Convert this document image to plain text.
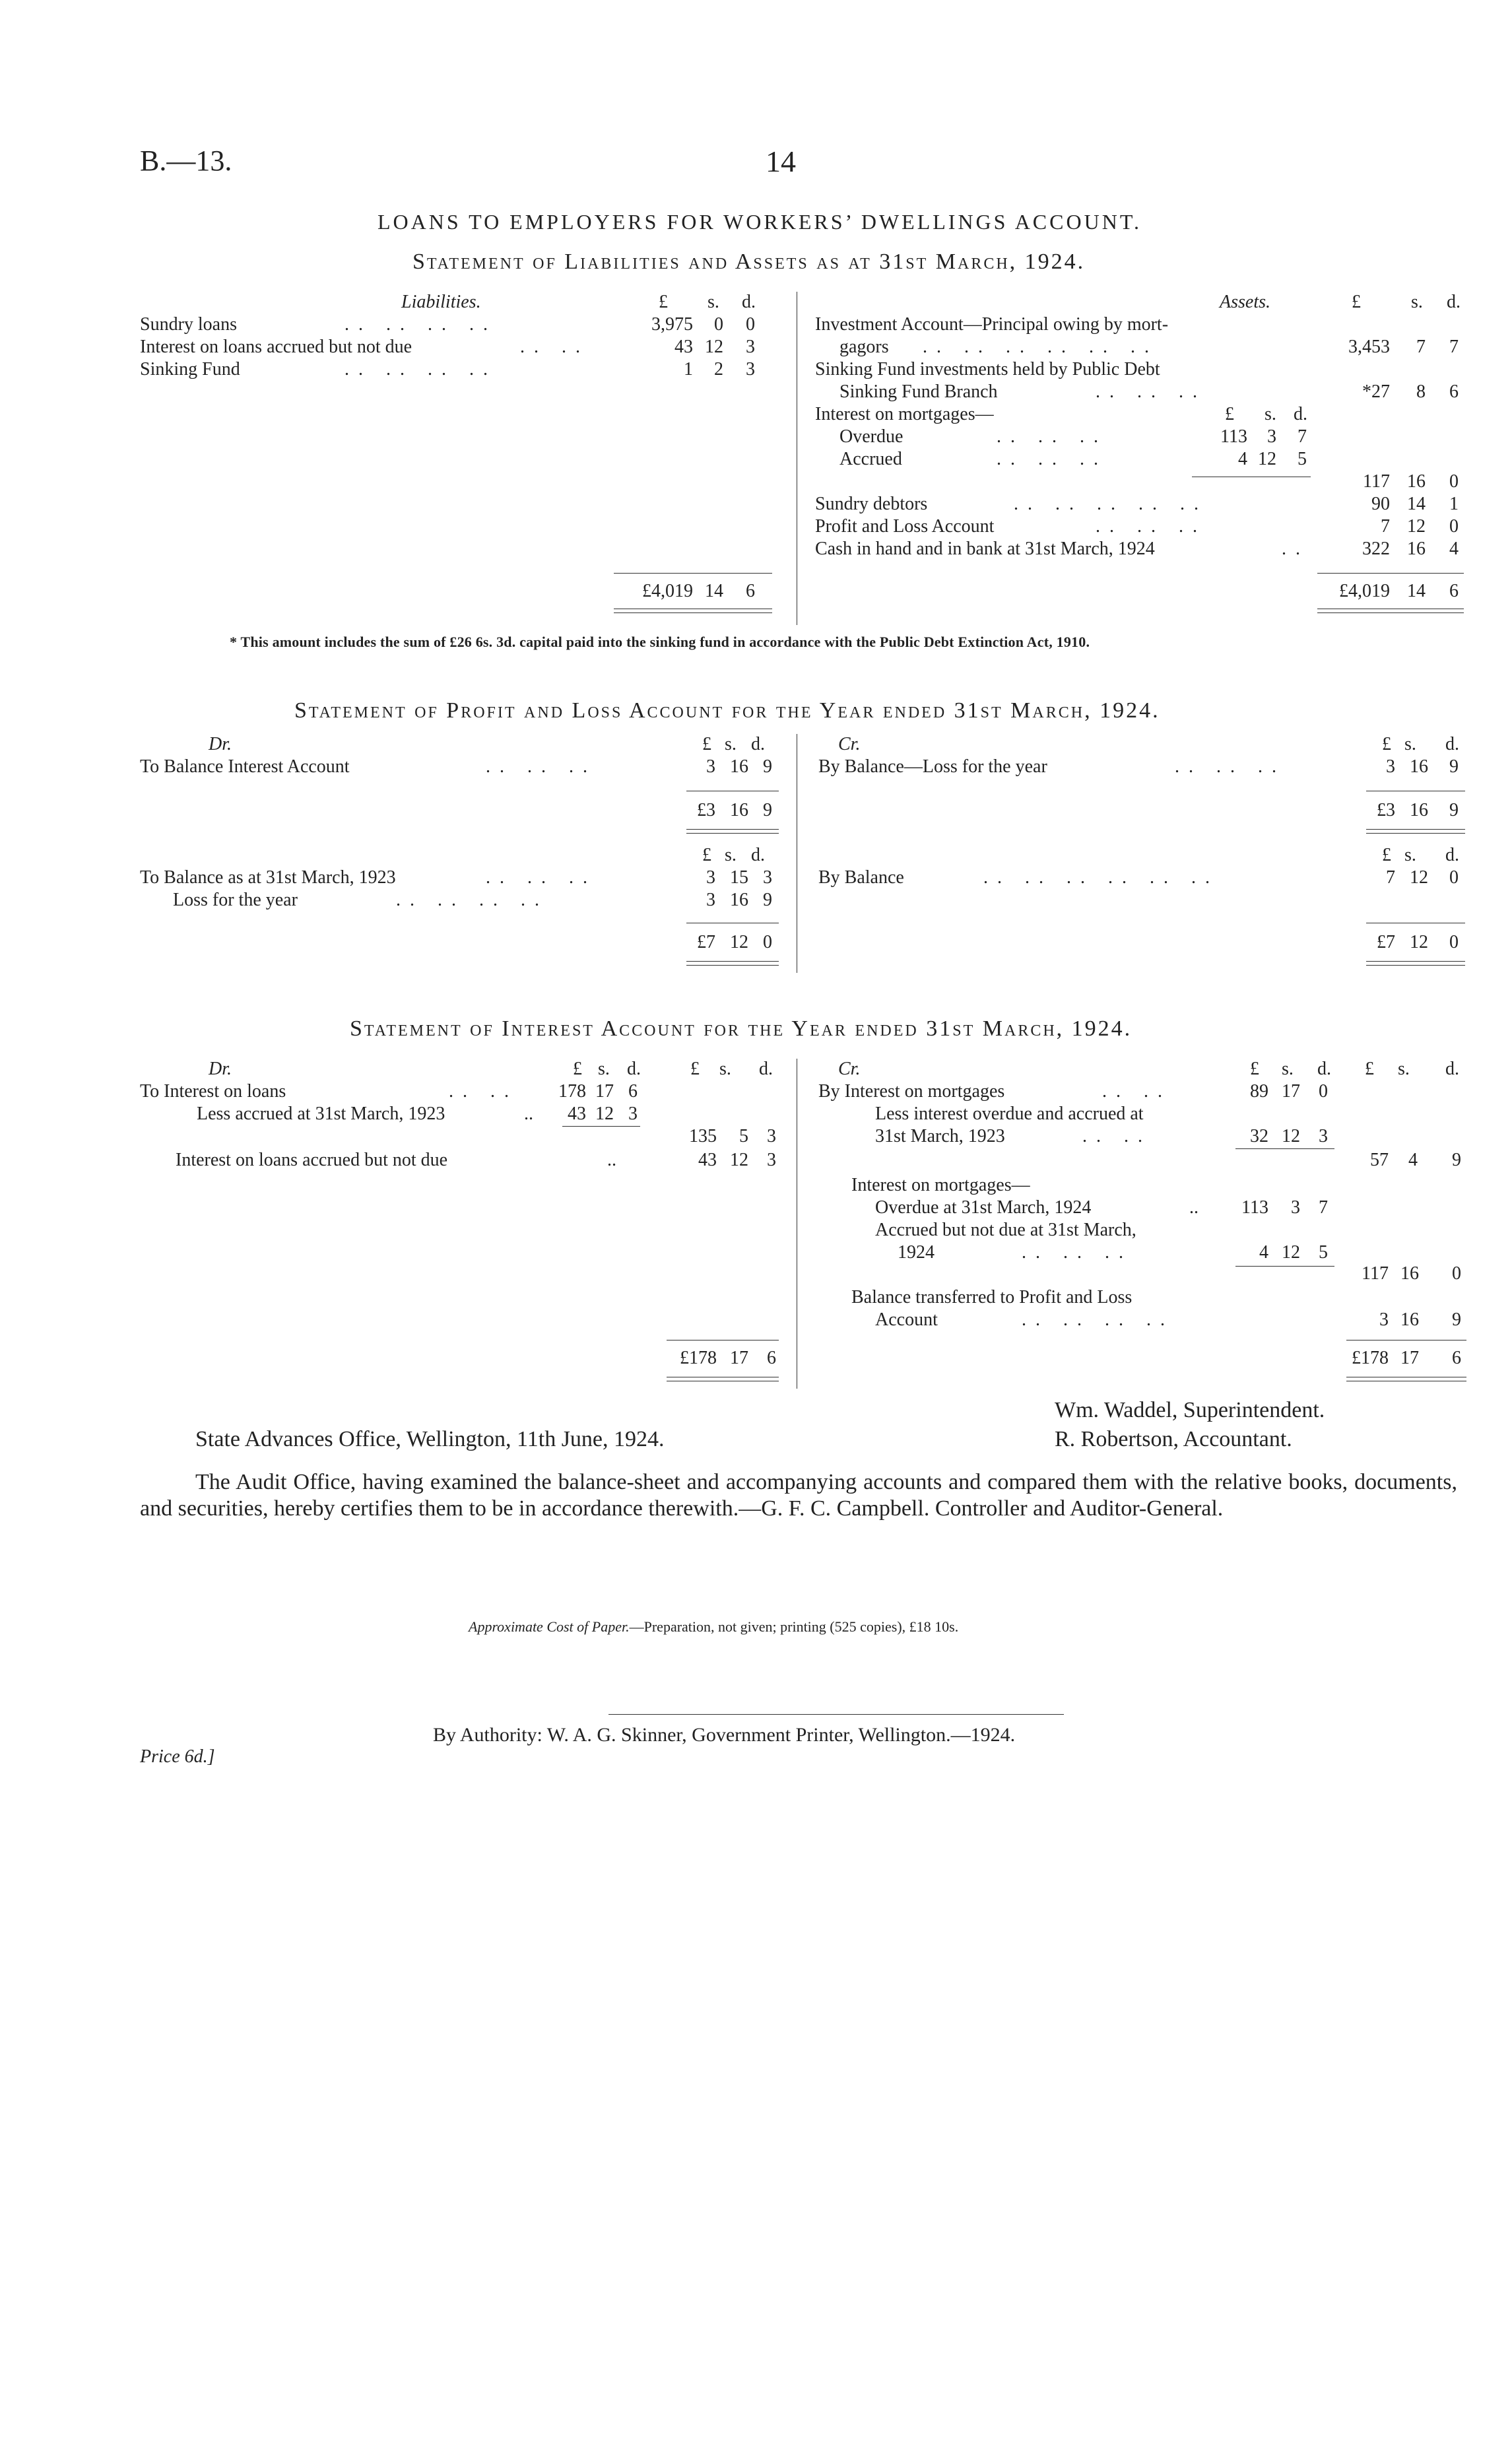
B.—13.	14
LOANS TO EMPLOYERS FOR WORKERS’ DWELLINGS ACCOUNT.
Statement of Liabilities and Assets as at 31st March, 1924.
Liabilities.	£ s. d.
Sundry loans	.. .. .. ..	3,975	0	0
Interest on loans accrued but not due	.. ..	43 12	3
Sinking Fund	.. .. .. ..	1	2	3
£4,019 14	6
Assets.	£	s. d.
Investment Account—Principal owing by mort-
gagors .. .. .. .. .. ..	3,453	7	7
Sinking Fund investments held by Public Debt
Sinking Fund Branch	.. .. ..	*27	8	6
Interest on mortgages—	£ s. d.
Overdue	.. .. ..	113	3	7
Accrued	.. .. ..	4 12	5
117 16	0
Sundry debtors	.. .. .. .. ..	90 14	1
Profit and Loss Account	.. .. ..	7 12	0
Cash in hand and in bank at 31st March, 1924	..	322 16	4
£4,019 14	6
* This amount includes the sum of £26 6s. 3d. capital paid into the sinking fund in accordance with the Public Debt Extinction Act, 1910.
Statement of Profit and Loss Account for the Year ended 31st March, 1924.
Dr.	£ s. d.	Cr.	£ s. d.
To Balance Interest Account	.. .. ..	3 16 9	By Balance—Loss for the year	.. .. ..	3 16	9
£3 16 9	£3 16	9
£ s. d.	£ s. d.
To Balance as at 31st March, 1923	.. .. ..	3 15 3
Loss for the year	.. .. .. ..	3 16 9
By Balance	.. .. .. .. .. ..	7 12	0
£7 12 0	£7 12	0
Statement of Interest Account for the Year ended 31st March, 1924.
Dr.	£ s. d.	£ s. d.	Cr.	£ s. d. £ s. d.
To Interest on loans	.. ..	178 17 6
Less accrued at 31st March, 1923	..	43 12 3
135	5	3
Interest on loans accrued but not due	..	43 12	3
£178 17	6
By Interest on mortgages	.. ..	89 17	0
Less interest overdue and accrued at
31st March, 1923	.. ..	32 12	3
57	4	9
Interest on mortgages—
Overdue at 31st March, 1924	..	113	3	7
Accrued but not due at 31st March,
1924	.. .. ..	4 12	5
117 16	0
Balance transferred to Profit and Loss
Account	.. .. .. ..	3 16	9
£178 17	6
Wm. Waddel, Superintendent.
R. Robertson, Accountant.
State Advances Office, Wellington, 11th June, 1924.
The Audit Office, having examined the balance-sheet and accompanying accounts and compared them with the relative books, documents, and securities, hereby certifies them to be in accordance therewith.—G. F. C. Campbell. Controller and Auditor-General.
Approximate Cost of Paper.—Preparation, not given; printing (525 copies), £18 10s.
By Authority: W. A. G. Skinner, Government Printer, Wellington.—1924.
Price 6d.]
